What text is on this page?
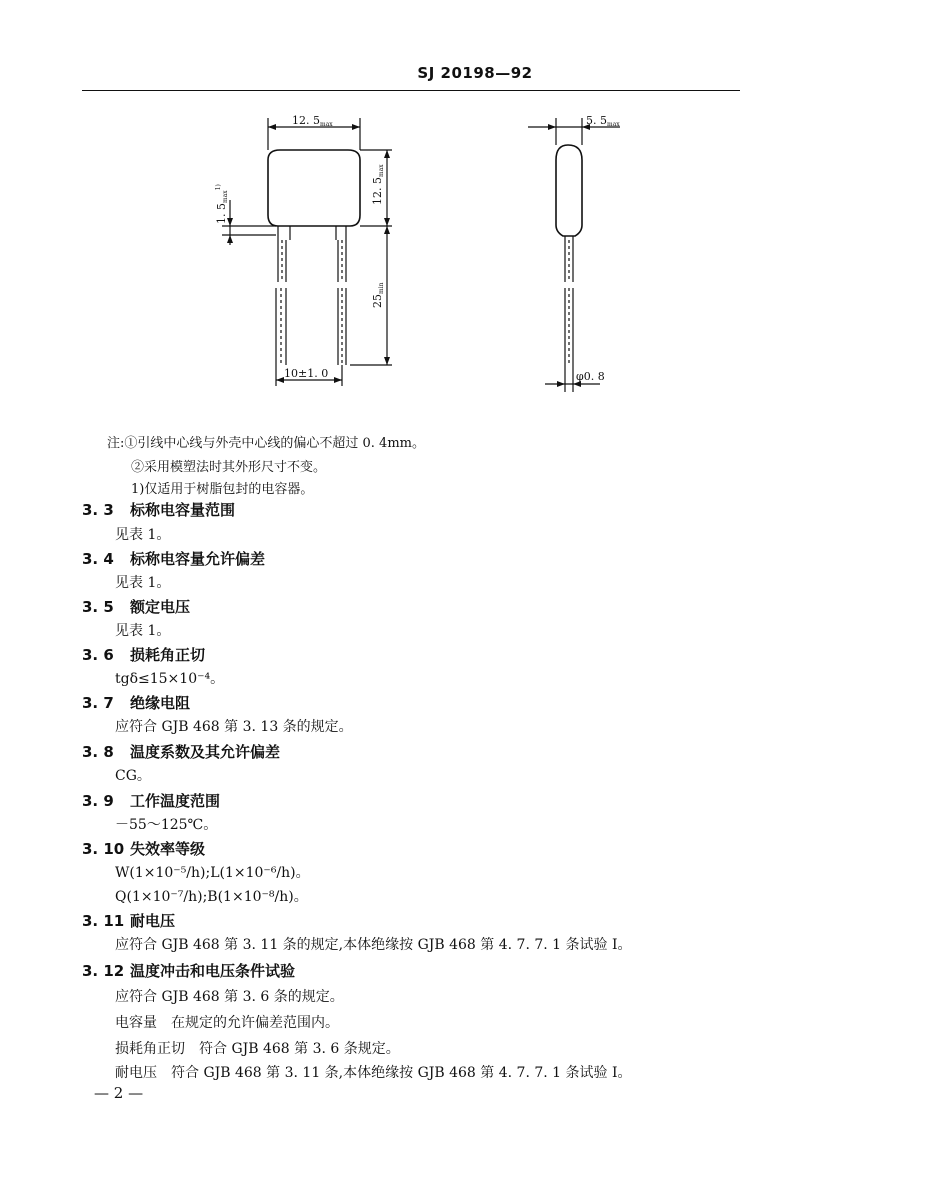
SJ 20198—92
12. 5max
12. 5max
1. $5\max^{1)}$
25min
10±1. 0
5. 5max
φ0. 8
注:①引线中心线与外壳中心线的偏心不超过 0. 4mm。
②采用模塑法时其外形尺寸不变。
1)仅适用于树脂包封的电容器。
3. 3 标称电容量范围
见表 1。
3. 4 标称电容量允许偏差
见表 1。
3. 5 额定电压
见表 1。
3. 6 损耗角正切
tgδ≤15×10⁻⁴。
3. 7 绝缘电阻
应符合 GJB 468 第 3. 13 条的规定。
3. 8 温度系数及其允许偏差
CG。
3. 9 工作温度范围
－55～125℃。
3. 10 失效率等级
W(1×10⁻⁵/h);L(1×10⁻⁶/h)。
Q(1×10⁻⁷/h);B(1×10⁻⁸/h)。
3. 11 耐电压
应符合 GJB 468 第 3. 11 条的规定,本体绝缘按 GJB 468 第 4. 7. 7. 1 条试验 Ⅰ。
3. 12 温度冲击和电压条件试验
应符合 GJB 468 第 3. 6 条的规定。
电容量　在规定的允许偏差范围内。
损耗角正切　符合 GJB 468 第 3. 6 条规定。
耐电压　符合 GJB 468 第 3. 11 条,本体绝缘按 GJB 468 第 4. 7. 7. 1 条试验 Ⅰ。
— 2 —
